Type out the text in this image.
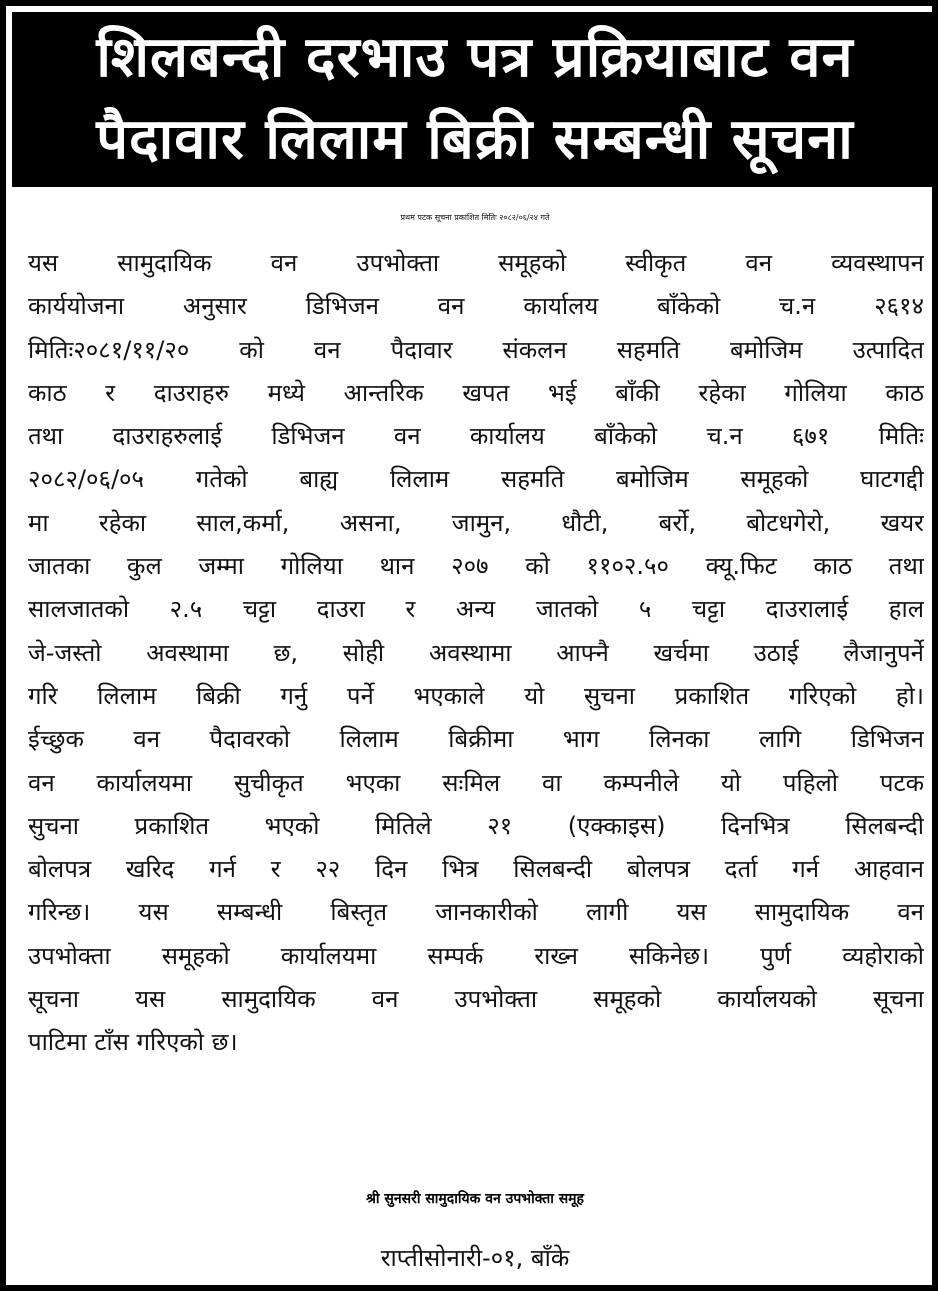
शिलबन्दी दरभाउ पत्र प्रक्रियाबाट वन
पैदावार लिलाम बिक्री सम्बन्धी सूचना
प्रथम पटक सूचना प्रकाशित मितिः २०८२/०६/२४ गते
यस सामुदायिक वन उपभोक्ता समूहको स्वीकृत वन व्यवस्थापन
कार्ययोजना अनुसार डिभिजन वन कार्यालय बाँकेको च.न २६१४
मितिः२०८१/११/२० को वन पैदावार संकलन सहमति बमोजिम उत्पादित
काठ र दाउराहरु मध्ये आन्तरिक खपत भई बाँकी रहेका गोलिया काठ
तथा दाउराहरुलाई डिभिजन वन कार्यालय बाँकेको च.न ६७१ मितिः
२०८२/०६/०५ गतेको बाह्य लिलाम सहमति बमोजिम समूहको घाटगद्दी
मा रहेका साल,कर्मा, असना, जामुन, धौटी, बर्रो, बोटधगेरो, खयर
जातका कुल जम्मा गोलिया थान २०७ को ११०२.५० क्यू.फिट काठ तथा
सालजातको २.५ चट्टा दाउरा र अन्य जातको ५ चट्टा दाउरालाई हाल
जे-जस्तो अवस्थामा छ, सोही अवस्थामा आफ्नै खर्चमा उठाई लैजानुपर्ने
गरि लिलाम बिक्री गर्नु पर्ने भएकाले यो सुचना प्रकाशित गरिएको हो।
ईच्छुक वन पैदावरको लिलाम बिक्रीमा भाग लिनका लागि डिभिजन
वन कार्यालयमा सुचीकृत भएका सःमिल वा कम्पनीले यो पहिलो पटक
सुचना प्रकाशित भएको मितिले २१ (एक्काइस) दिनभित्र सिलबन्दी
बोलपत्र खरिद गर्न र २२ दिन भित्र सिलबन्दी बोलपत्र दर्ता गर्न आहवान
गरिन्छ। यस सम्बन्धी बिस्तृत जानकारीको लागी यस सामुदायिक वन
उपभोक्ता समूहको कार्यालयमा सम्पर्क राख्न सकिनेछ। पुर्ण व्यहोराको
सूचना यस सामुदायिक वन उपभोक्ता समूहको कार्यालयको सूचना
पाटिमा टाँस गरिएको छ।
श्री सुनसरी सामुदायिक वन उपभोक्ता समूह
राप्तीसोनारी-०१, बाँके
